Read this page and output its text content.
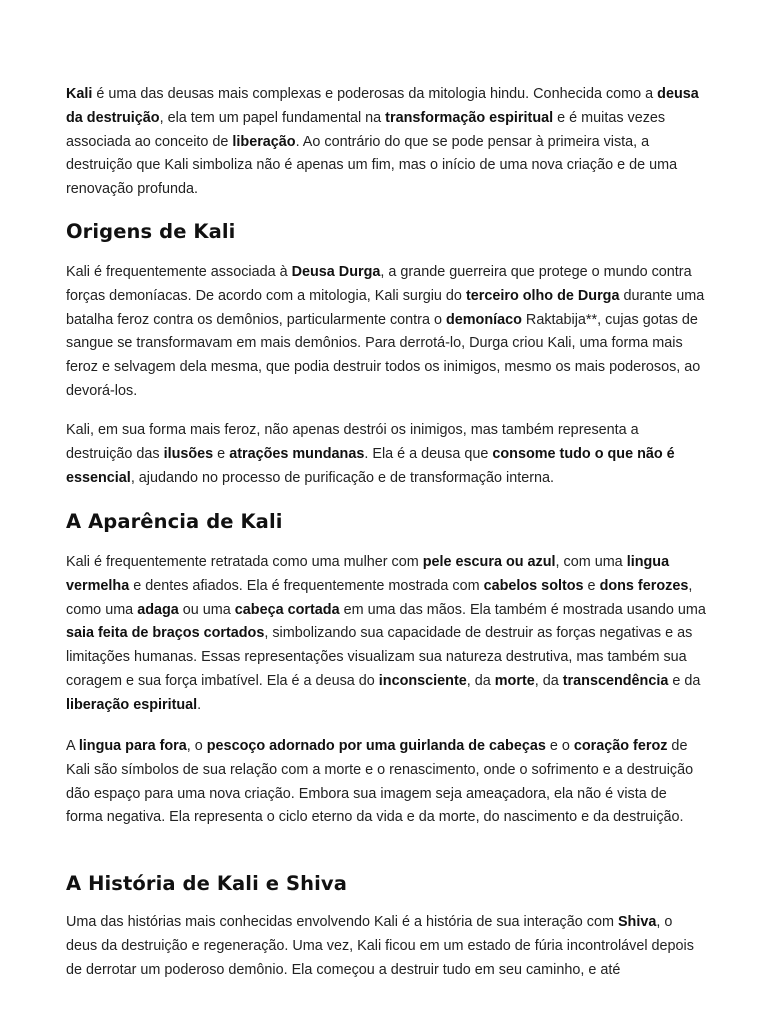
Kali é uma das deusas mais complexas e poderosas da mitologia hindu. Conhecida como a deusa da destruição, ela tem um papel fundamental na transformação espiritual e é muitas vezes associada ao conceito de liberação. Ao contrário do que se pode pensar à primeira vista, a destruição que Kali simboliza não é apenas um fim, mas o início de uma nova criação e de uma renovação profunda.

Origens de Kali

Kali é frequentemente associada à Deusa Durga, a grande guerreira que protege o mundo contra forças demoníacas. De acordo com a mitologia, Kali surgiu do terceiro olho de Durga durante uma batalha feroz contra os demônios, particularmente contra o demoníaco Raktabija**, cujas gotas de sangue se transformavam em mais demônios. Para derrotá-lo, Durga criou Kali, uma forma mais feroz e selvagem dela mesma, que podia destruir todos os inimigos, mesmo os mais poderosos, ao devorá-los.

Kali, em sua forma mais feroz, não apenas destrói os inimigos, mas também representa a destruição das ilusões e atrações mundanas. Ela é a deusa que consome tudo o que não é essencial, ajudando no processo de purificação e de transformação interna.

A Aparência de Kali

Kali é frequentemente retratada como uma mulher com pele escura ou azul, com uma lingua vermelha e dentes afiados. Ela é frequentemente mostrada com cabelos soltos e dons ferozes, como uma adaga ou uma cabeça cortada em uma das mãos. Ela também é mostrada usando uma saia feita de braços cortados, simbolizando sua capacidade de destruir as forças negativas e as limitações humanas. Essas representações visualizam sua natureza destrutiva, mas também sua coragem e sua força imbatível. Ela é a deusa do inconsciente, da morte, da transcendência e da liberação espiritual.

A lingua para fora, o pescoço adornado por uma guirlanda de cabeças e o coração feroz de Kali são símbolos de sua relação com a morte e o renascimento, onde o sofrimento e a destruição dão espaço para uma nova criação. Embora sua imagem seja ameaçadora, ela não é vista de forma negativa. Ela representa o ciclo eterno da vida e da morte, do nascimento e da destruição.

A História de Kali e Shiva

Uma das histórias mais conhecidas envolvendo Kali é a história de sua interação com Shiva, o deus da destruição e regeneração. Uma vez, Kali ficou em um estado de fúria incontrolável depois de derrotar um poderoso demônio. Ela começou a destruir tudo em seu caminho, e até
